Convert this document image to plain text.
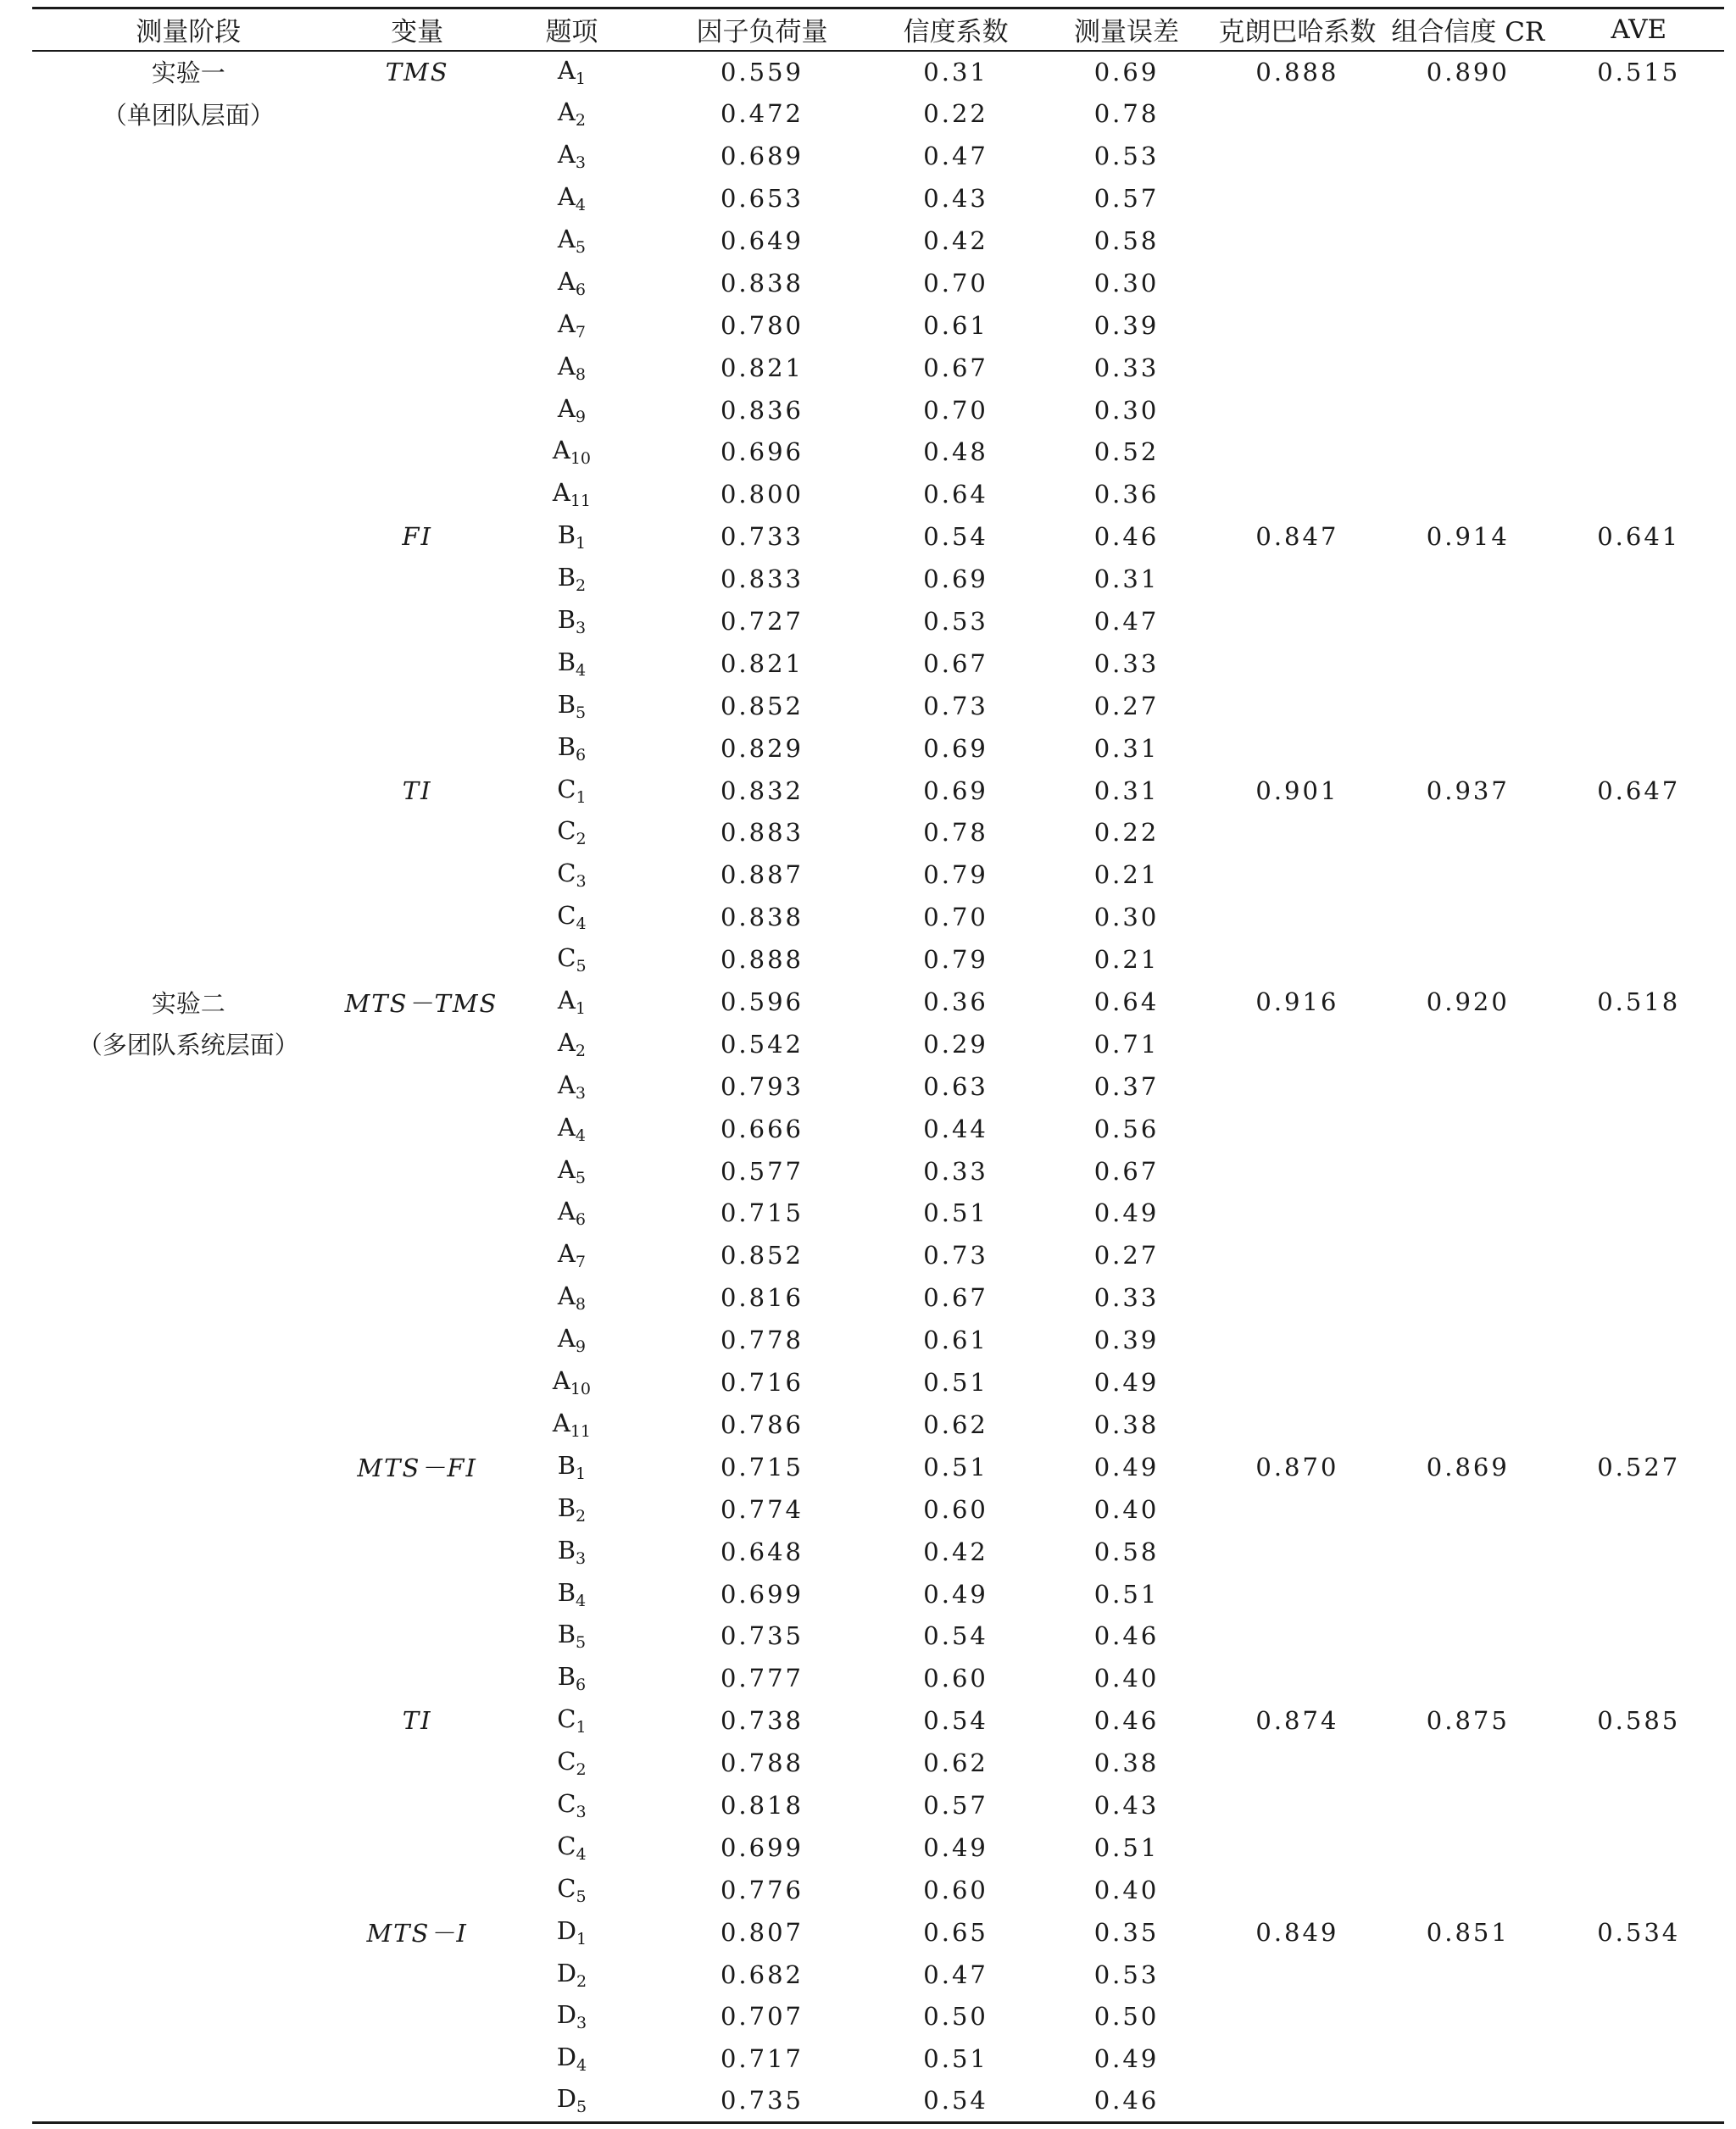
测量阶段	变量	题项	因子负荷量	信度系数	测量误差	克朗巴哈系数	组合信度 CR	AVE
实验一	TMS	$A_1$	0.559	0.31	0.69	0.888	0.890	0.515
（单团队层面）		$A_2$	0.472	0.22	0.78			
		$A_3$	0.689	0.47	0.53			
		$A_4$	0.653	0.43	0.57			
		$A_5$	0.649	0.42	0.58			
		$A_6$	0.838	0.70	0.30			
		$A_7$	0.780	0.61	0.39			
		$A_8$	0.821	0.67	0.33			
		$A_9$	0.836	0.70	0.30			
		$A_{10}$	0.696	0.48	0.52			
		$A_{11}$	0.800	0.64	0.36			
	FI	$B_1$	0.733	0.54	0.46	0.847	0.914	0.641
		$B_2$	0.833	0.69	0.31			
		$B_3$	0.727	0.53	0.47			
		$B_4$	0.821	0.67	0.33			
		$B_5$	0.852	0.73	0.27			
		$B_6$	0.829	0.69	0.31			
	TI	$C_1$	0.832	0.69	0.31	0.901	0.937	0.647
		$C_2$	0.883	0.78	0.22			
		$C_3$	0.887	0.79	0.21			
		$C_4$	0.838	0.70	0.30			
		$C_5$	0.888	0.79	0.21			
实验二	MTS－TMS	$A_1$	0.596	0.36	0.64	0.916	0.920	0.518
（多团队系统层面）		$A_2$	0.542	0.29	0.71			
		$A_3$	0.793	0.63	0.37			
		$A_4$	0.666	0.44	0.56			
		$A_5$	0.577	0.33	0.67			
		$A_6$	0.715	0.51	0.49			
		$A_7$	0.852	0.73	0.27			
		$A_8$	0.816	0.67	0.33			
		$A_9$	0.778	0.61	0.39			
		$A_{10}$	0.716	0.51	0.49			
		$A_{11}$	0.786	0.62	0.38			
	MTS－FI	$B_1$	0.715	0.51	0.49	0.870	0.869	0.527
		$B_2$	0.774	0.60	0.40			
		$B_3$	0.648	0.42	0.58			
		$B_4$	0.699	0.49	0.51			
		$B_5$	0.735	0.54	0.46			
		$B_6$	0.777	0.60	0.40			
	TI	$C_1$	0.738	0.54	0.46	0.874	0.875	0.585
		$C_2$	0.788	0.62	0.38			
		$C_3$	0.818	0.57	0.43			
		$C_4$	0.699	0.49	0.51			
		$C_5$	0.776	0.60	0.40			
	MTS－I	$D_1$	0.807	0.65	0.35	0.849	0.851	0.534
		$D_2$	0.682	0.47	0.53			
		$D_3$	0.707	0.50	0.50			
		$D_4$	0.717	0.51	0.49			
		$D_5$	0.735	0.54	0.46			
